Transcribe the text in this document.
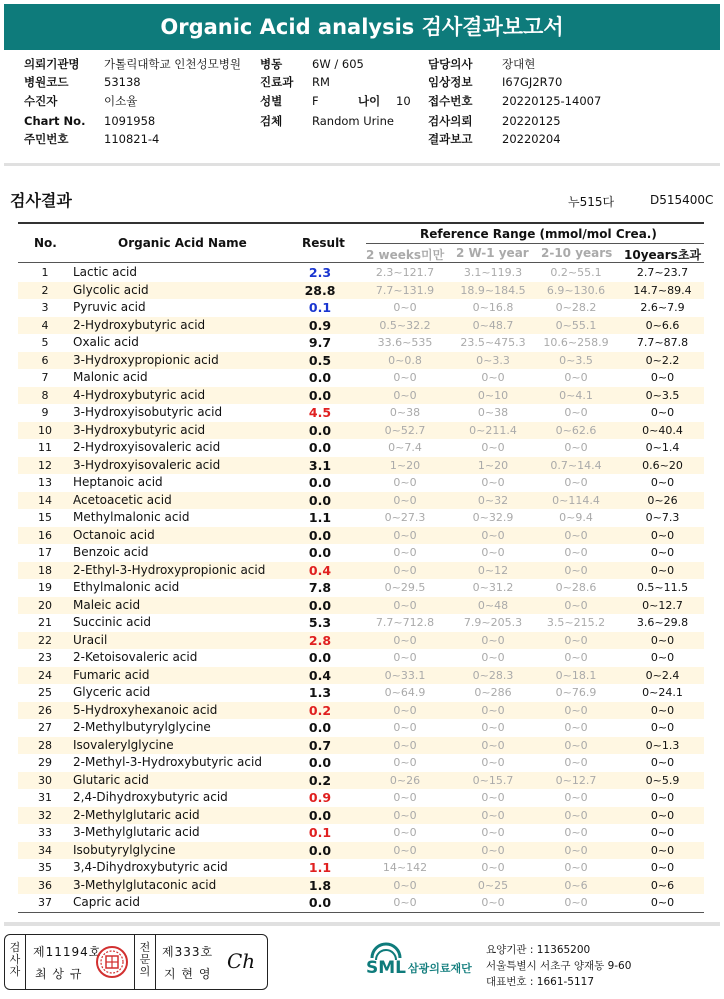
Organic Acid analysis 검사결과보고서
의뢰기관명 가톨릭대학교 인천성모병원 병동	6W / 605	담당의사	장대현
병원코드	53138	진료과 RM	임상정보	I67GJ2R70
수진자	이소율	성별	F	나이 10 접수번호	20220125-14007
Chart No. 1091958	검체	Random Urine	검사의뢰	20220125
주민번호	110821-4	결과보고	20220204
검사결과	누515다	D515400C
No.	Organic Acid Name	Result
Reference Range (mmol/mol Crea.)
2 weeks미만 2 W-1 year 2-10 years 10years초과
1	Lactic acid	2.3	2.3~121.7	3.1~119.3	0.2~55.1	2.7~23.7
2	Glycolic acid	28.8	7.7~131.9	18.9~184.5	6.9~130.6	14.7~89.4
3	Pyruvic acid	0.1	0~0	0~16.8	0~28.2	2.6~7.9
4	2-Hydroxybutyric acid	0.9	0.5~32.2	0~48.7	0~55.1	0~6.6
5	Oxalic acid	9.7	33.6~535	23.5~475.3	10.6~258.9	7.7~87.8
6	3-Hydroxypropionic acid	0.5	0~0.8	0~3.3	0~3.5	0~2.2
7	Malonic acid	0.0	0~0	0~0	0~0	0~0
8	4-Hydroxybutyric acid	0.0	0~0	0~10	0~4.1	0~3.5
9	3-Hydroxyisobutyric acid	4.5	0~38	0~38	0~0	0~0
10	3-Hydroxybutyric acid	0.0	0~52.7	0~211.4	0~62.6	0~40.4
11	2-Hydroxyisovaleric acid	0.0	0~7.4	0~0	0~0	0~1.4
12	3-Hydroxyisovaleric acid	3.1	1~20	1~20	0.7~14.4	0.6~20
13	Heptanoic acid	0.0	0~0	0~0	0~0	0~0
14	Acetoacetic acid	0.0	0~0	0~32	0~114.4	0~26
15	Methylmalonic acid	1.1	0~27.3	0~32.9	0~9.4	0~7.3
16	Octanoic acid	0.0	0~0	0~0	0~0	0~0
17	Benzoic acid	0.0	0~0	0~0	0~0	0~0
18	2-Ethyl-3-Hydroxypropionic acid	0.4	0~0	0~12	0~0	0~0
19	Ethylmalonic acid	7.8	0~29.5	0~31.2	0~28.6	0.5~11.5
20	Maleic acid	0.0	0~0	0~48	0~0	0~12.7
21	Succinic acid	5.3	7.7~712.8	7.9~205.3	3.5~215.2	3.6~29.8
22	Uracil	2.8	0~0	0~0	0~0	0~0
23	2-Ketoisovaleric acid	0.0	0~0	0~0	0~0	0~0
24	Fumaric acid	0.4	0~33.1	0~28.3	0~18.1	0~2.4
25	Glyceric acid	1.3	0~64.9	0~286	0~76.9	0~24.1
26	5-Hydroxyhexanoic acid	0.2	0~0	0~0	0~0	0~0
27	2-Methylbutyrylglycine	0.0	0~0	0~0	0~0	0~0
28	Isovalerylglycine	0.7	0~0	0~0	0~0	0~1.3
29	2-Methyl-3-Hydroxybutyric acid	0.0	0~0	0~0	0~0	0~0
30	Glutaric acid	0.2	0~26	0~15.7	0~12.7	0~5.9
31	2,4-Dihydroxybutyric acid	0.9	0~0	0~0	0~0	0~0
32	2-Methylglutaric acid	0.0	0~0	0~0	0~0	0~0
33	3-Methylglutaric acid	0.1	0~0	0~0	0~0	0~0
34	Isobutyrylglycine	0.0	0~0	0~0	0~0	0~0
35	3,4-Dihydroxybutyric acid	1.1	14~142	0~0	0~0	0~0
36	3-Methylglutaconic acid	1.8	0~0	0~25	0~6	0~6
37	Capric acid	0.0	0~0	0~0	0~0	0~0
검사자
제11194호
최 상 규
전문의
제333호
지 현 영
Ch	SML 삼광의료재단
요양기관 : 11365200
서울특별시 서초구 양재동 9-60
대표번호 : 1661-5117
